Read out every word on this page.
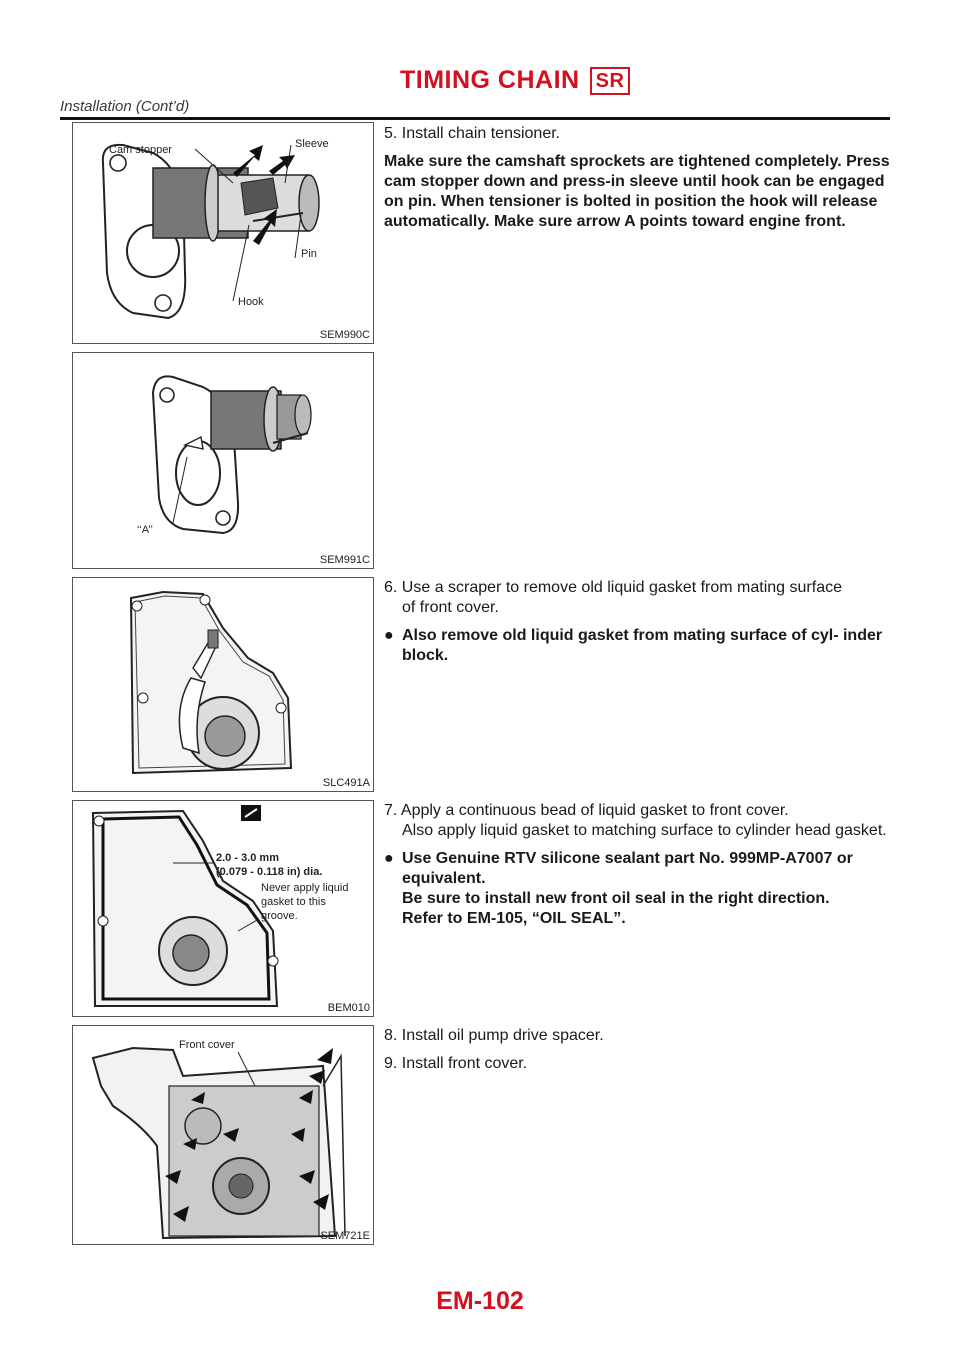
TIMING CHAIN SR
Installation (Cont’d)
Cam stopper	Sleeve
Pin
Hook
SEM990C
‘‘A’’
SEM991C
SLC491A
2.0 - 3.0 mm
(0.079 - 0.118 in) dia.
Never apply liquid
gasket to this
groove.
BEM010
Front cover
SEM721E

5. Install chain tensioner.

Make sure the camshaft sprockets are tightened completely. Press cam stopper down and press-in sleeve until hook can be engaged on pin. When tensioner is bolted in position the hook will release automatically. Make sure arrow A points toward engine front.

6. Use a scraper to remove old liquid gasket from mating surface

of front cover.

● Also remove old liquid gasket from mating surface of cyl- inder block.

7. Apply a continuous bead of liquid gasket to front cover.

Also apply liquid gasket to matching surface to cylinder head gasket.

● Use Genuine RTV silicone sealant part No. 999MP-A7007 or equivalent.
Be sure to install new front oil seal in the right direction.
Refer to EM-105, “OIL SEAL”.

8. Install oil pump drive spacer.

9. Install front cover.

EM-102
